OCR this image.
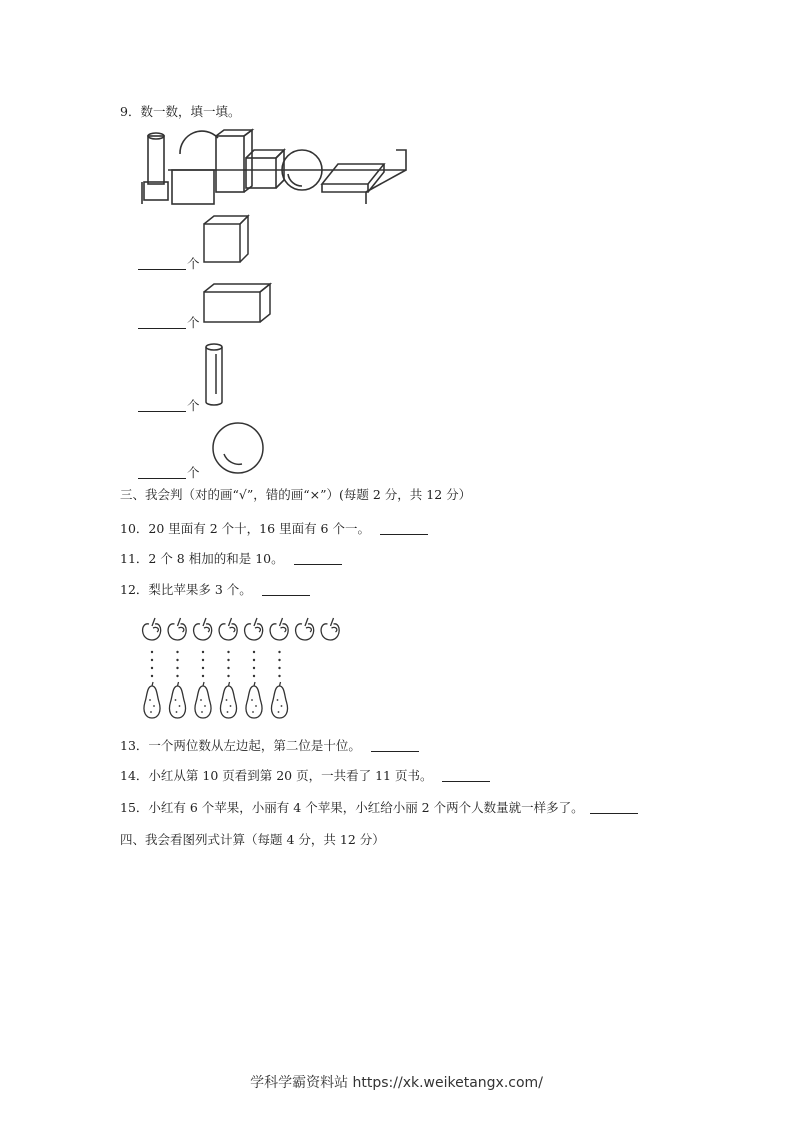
9．数一数，填一填。
个
个
个
个
三、我会判（对的画“√”，错的画“×”）(每题 2 分，共 12 分）
10．20 里面有 2 个十，16 里面有 6 个一。
11．2 个 8 相加的和是 10。
12．梨比苹果多 3 个。
13．一个两位数从左边起，第二位是十位。
14．小红从第 10 页看到第 20 页，一共看了 11 页书。
15．小红有 6 个苹果，小丽有 4 个苹果，小红给小丽 2 个两个人数量就一样多了。
四、我会看图列式计算（每题 4 分，共 12 分）
学科学霸资料站 https://xk.weiketangx.com/
